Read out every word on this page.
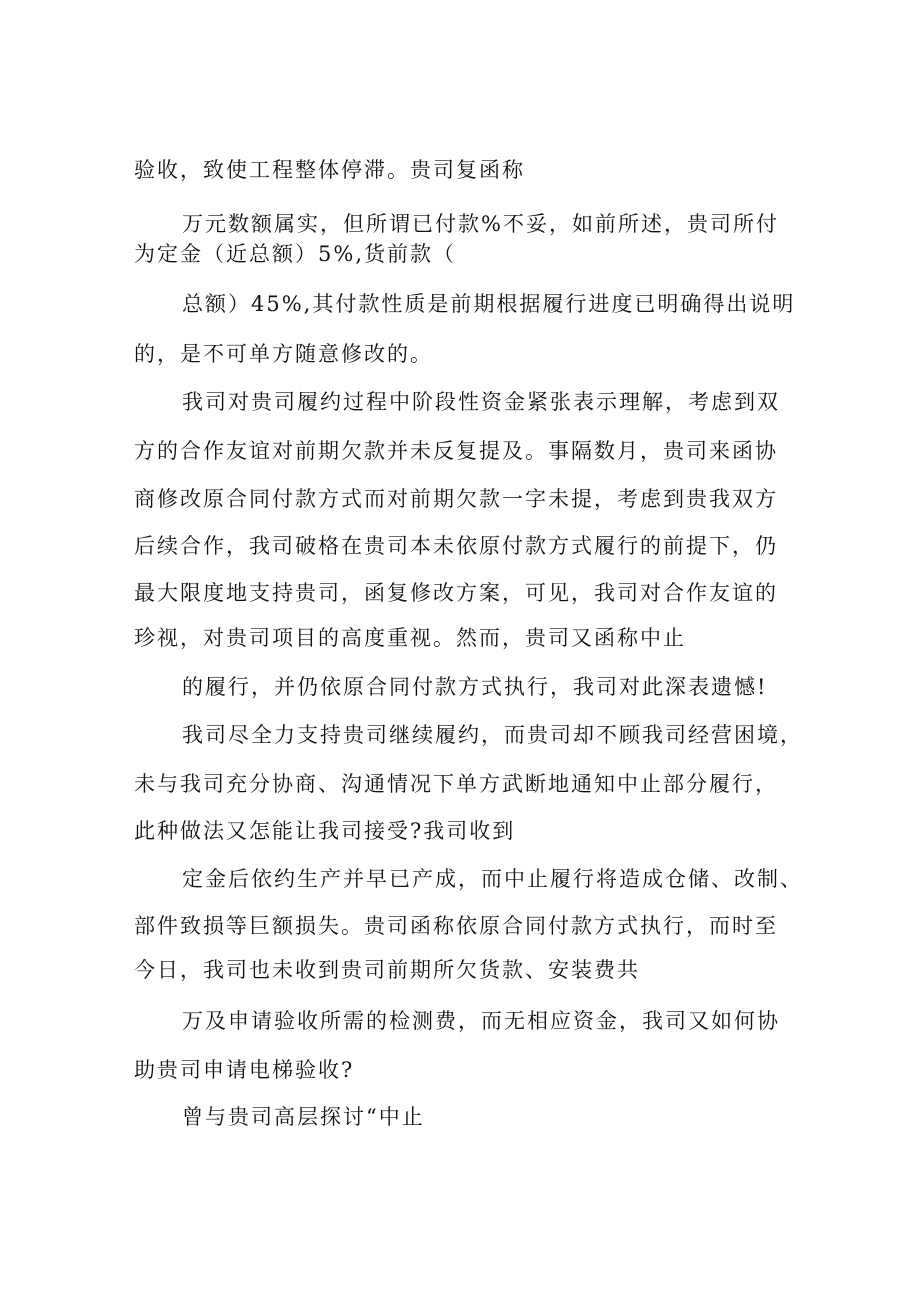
验收，致使工程整体停滞。贵司复函称

万元数额属实，但所谓已付款%不妥，如前所述，贵司所付

为定金（近总额）5%,货前款（

总额）45%,其付款性质是前期根据履行进度已明确得出说明

的，是不可单方随意修改的。

我司对贵司履约过程中阶段性资金紧张表示理解，考虑到双

方的合作友谊对前期欠款并未反复提及。事隔数月，贵司来函协

商修改原合同付款方式而对前期欠款一字未提，考虑到贵我双方

后续合作，我司破格在贵司本未依原付款方式履行的前提下，仍

最大限度地支持贵司，函复修改方案，可见，我司对合作友谊的

珍视，对贵司项目的高度重视。然而，贵司又函称中止

的履行，并仍依原合同付款方式执行，我司对此深表遗憾!

我司尽全力支持贵司继续履约，而贵司却不顾我司经营困境，

未与我司充分协商、沟通情况下单方武断地通知中止部分履行，

此种做法又怎能让我司接受?我司收到

定金后依约生产并早已产成，而中止履行将造成仓储、改制、

部件致损等巨额损失。贵司函称依原合同付款方式执行，而时至

今日，我司也未收到贵司前期所欠货款、安装费共

万及申请验收所需的检测费，而无相应资金，我司又如何协

助贵司申请电梯验收?

曾与贵司高层探讨“中止
